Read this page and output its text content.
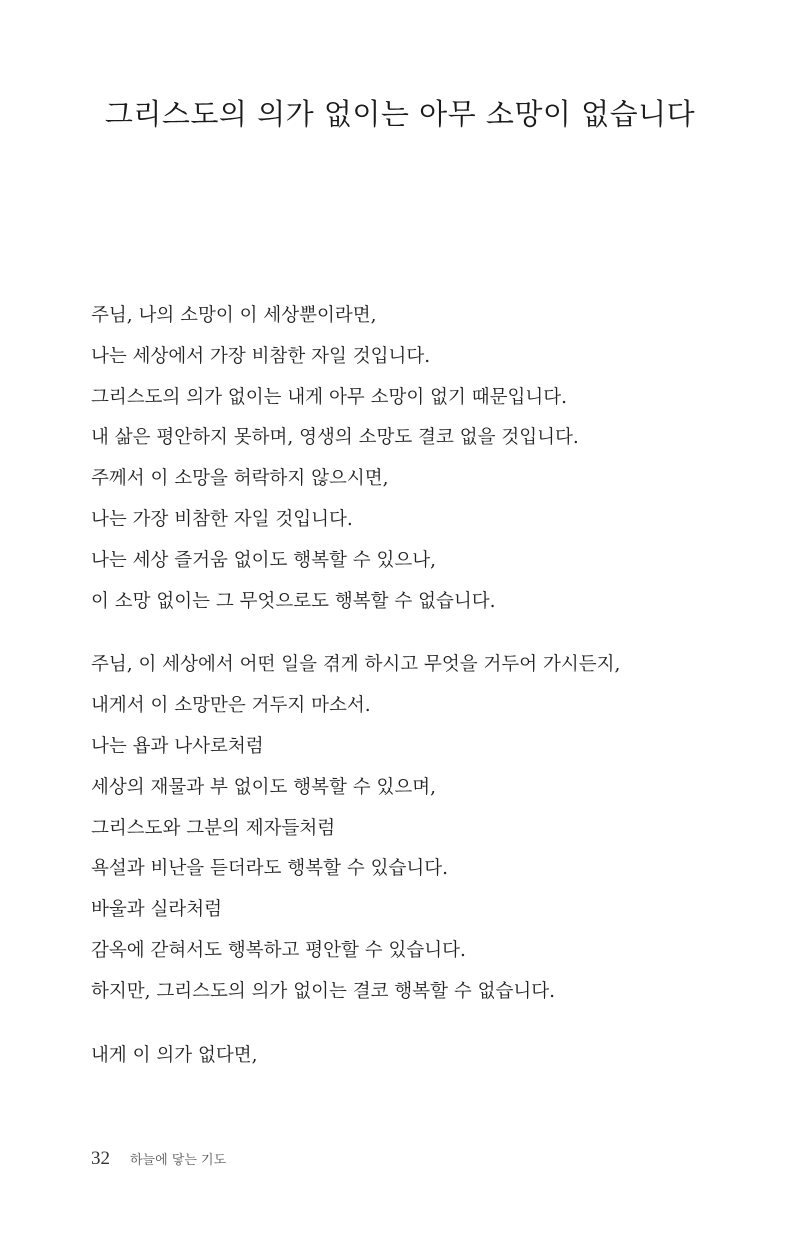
그리스도의 의가 없이는 아무 소망이 없습니다

주님, 나의 소망이 이 세상뿐이라면,
나는 세상에서 가장 비참한 자일 것입니다.
그리스도의 의가 없이는 내게 아무 소망이 없기 때문입니다.
내 삶은 평안하지 못하며, 영생의 소망도 결코 없을 것입니다.
주께서 이 소망을 허락하지 않으시면,
나는 가장 비참한 자일 것입니다.
나는 세상 즐거움 없이도 행복할 수 있으나,
이 소망 없이는 그 무엇으로도 행복할 수 없습니다.

주님, 이 세상에서 어떤 일을 겪게 하시고 무엇을 거두어 가시든지,
내게서 이 소망만은 거두지 마소서.
나는 욥과 나사로처럼
세상의 재물과 부 없이도 행복할 수 있으며,
그리스도와 그분의 제자들처럼
욕설과 비난을 듣더라도 행복할 수 있습니다.
바울과 실라처럼
감옥에 갇혀서도 행복하고 평안할 수 있습니다.
하지만, 그리스도의 의가 없이는 결코 행복할 수 없습니다.

내게 이 의가 없다면,

32 하늘에 닿는 기도
